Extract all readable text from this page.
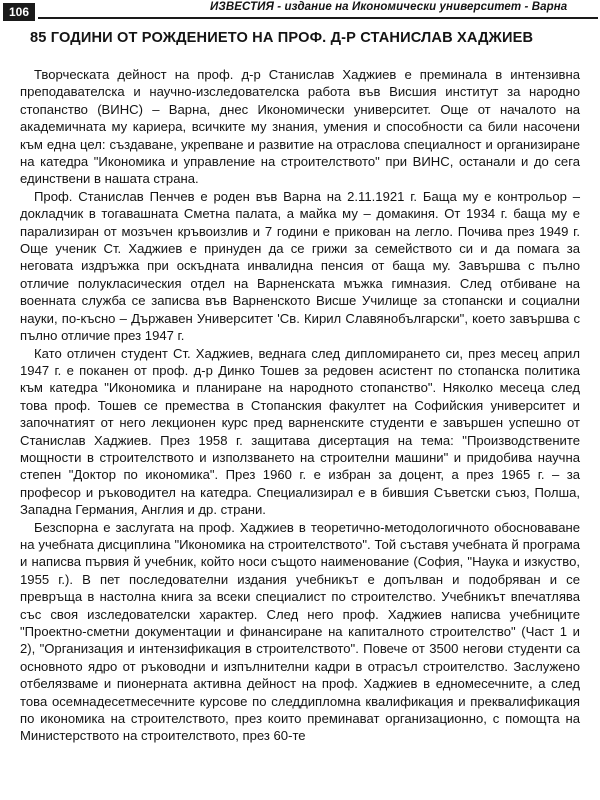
106	ИЗВЕСТИЯ - издание на Икономически университет - Варна
85 ГОДИНИ ОТ РОЖДЕНИЕТО НА ПРОФ. Д-Р СТАНИСЛАВ ХАДЖИЕВ

Творческата дейност на проф. д-р Станислав Хаджиев е преминала в интензивна преподавателска и научно-изследователска работа във Висшия институт за народно стопанство (ВИНС) – Варна, днес Икономически университет. Още от началото на академичната му кариера, всичките му знания, умения и способности са били насочени към една цел: създаване, укрепване и развитие на отраслова специалност и организиране на катедра "Икономика и управление на строителството" при ВИНС, останали и до сега единствени в нашата страна.

Проф. Станислав Пенчев е роден във Варна на 2.11.1921 г. Баща му е контрольор – докладчик в тогавашната Сметна палата, а майка му – домакиня. От 1934 г. баща му е парализиран от мозъчен кръвоизлив и 7 години е прикован на легло. Почива през 1949 г. Още ученик Ст. Хаджиев е принуден да се грижи за семейството си и да помага за неговата издръжка при оскъдната инвалидна пенсия от баща му. Завършва с пълно отличие полукласическия отдел на Варненската мъжка гимназия. След отбиване на военната служба се записва във Варненското Висше Училище за стопански и социални науки, по-късно – Държавен Университет 'Св. Кирил Славянобългарски", което завършва с пълно отличие през 1947 г.

Като отличен студент Ст. Хаджиев, веднага след дипломирането си, през месец април 1947 г. е поканен от проф. д-р Динко Тошев за редовен асистент по стопанска политика към катедра "Икономика и планиране на народното стопанство". Няколко месеца след това проф. Тошев се премества в Стопанския факултет на Софийския университет и започнатият от него лекционен курс пред варненските студенти е завършен успешно от Станислав Хаджиев. През 1958 г. защитава дисертация на тема: "Производствените мощности в строителството и използването на строителни машини" и придобива научна степен "Доктор по икономика". През 1960 г. е избран за доцент, а през 1965 г. – за професор и ръководител на катедра. Специализирал е в бившия Съветски съюз, Полша, Западна Германия, Англия и др. страни.

Безспорна е заслугата на проф. Хаджиев в теоретично-методологичното обосноваване на учебната дисциплина "Икономика на строителството". Той съставя учебната й програма и написва първия й учебник, който носи същото наименование (София, "Наука и изкуство, 1955 г.). В пет последователни издания учебникът е допълван и подобряван и се превръща в настолна книга за всеки специалист по строителство. Учебникът впечатлява със своя изследователски характер. След него проф. Хаджиев написва учебниците "Проектно-сметни документации и финансиране на капиталното строителство" (Част 1 и 2), "Организация и интензификация в строителството". Повече от 3500 негови студенти са основното ядро от ръководни и изпълнителни кадри в отрасъл строителство. Заслужено отбелязваме и пионерната активна дейност на проф. Хаджиев в едномесечните, а след това осемнадесетмесечните курсове по следдипломна квалификация и преквалификация по икономика на строителството, през които преминават организационно, с помощта на Министерството на строителството, през 60-те
